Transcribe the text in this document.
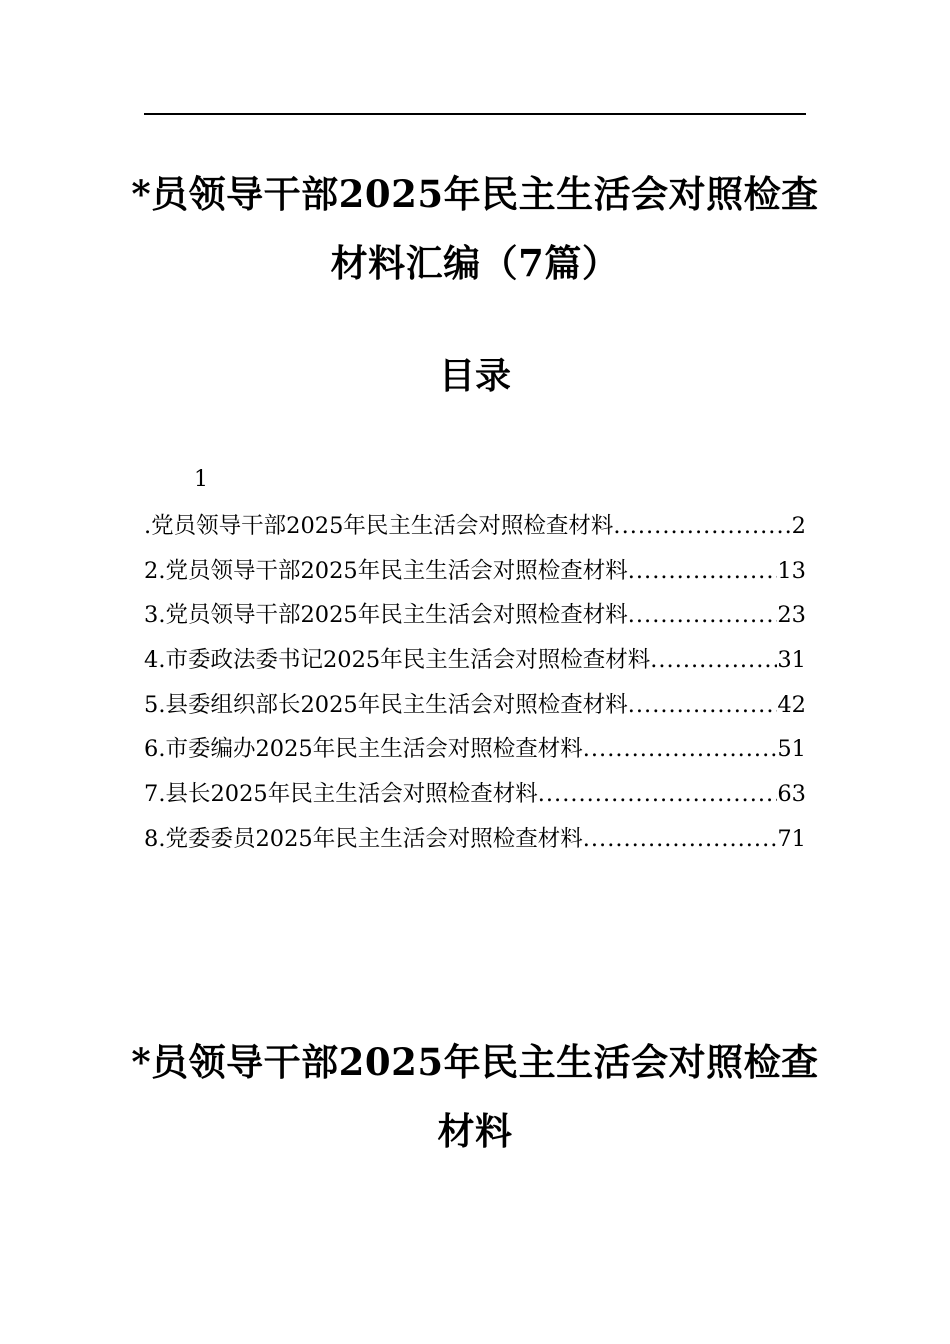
*员领导干部2025年民主生活会对照检查
材料汇编（7篇）
目录
1
.党员领导干部2025年民主生活会对照检查材料 .....	2
2.党员领导干部2025年民主生活会对照检查材料 .....	13
3.党员领导干部2025年民主生活会对照检查材料 .....	23
4.市委政法委书记2025年民主生活会对照检查材料 .....	31
5.县委组织部长2025年民主生活会对照检查材料 .....	42
6.市委编办2025年民主生活会对照检查材料 .....	51
7.县长2025年民主生活会对照检查材料 .....	63
8.党委委员2025年民主生活会对照检查材料 .....	71
*员领导干部2025年民主生活会对照检查
材料
